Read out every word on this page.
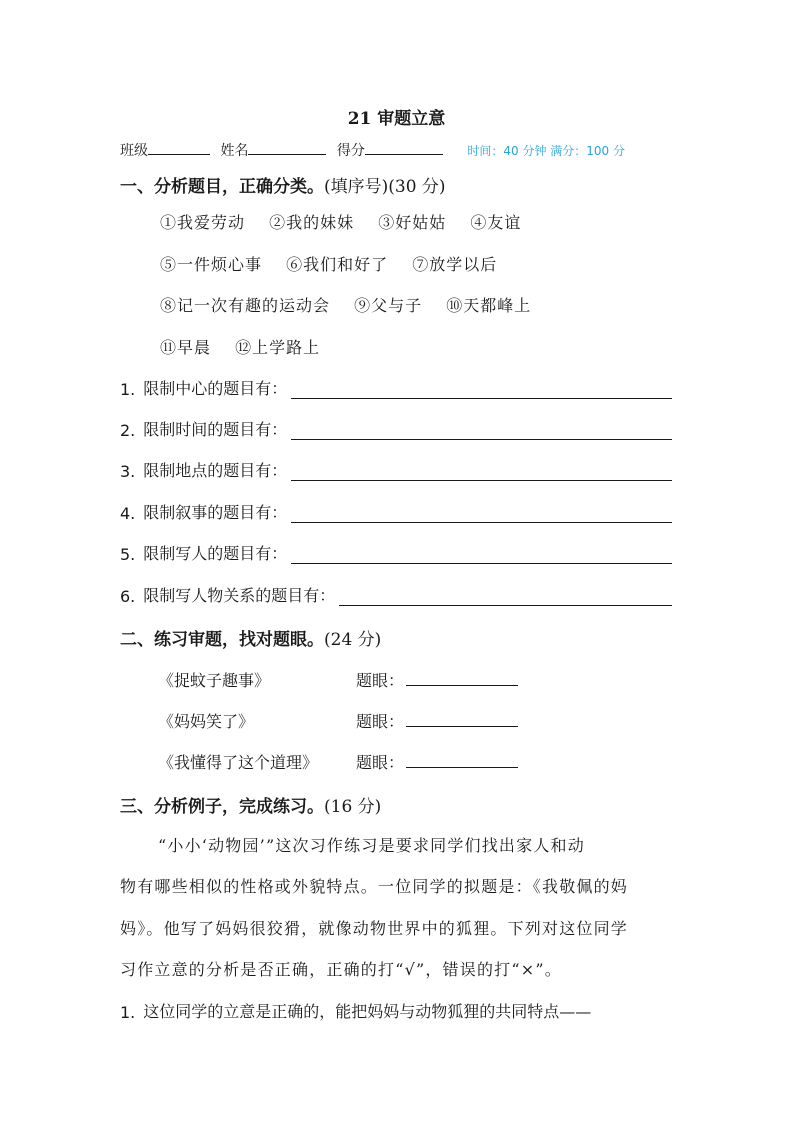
21 审题立意
班级	姓名	得分	时间：40 分钟 满分：100 分
一、分析题目，正确分类。(填序号)(30 分)
①我爱劳动 ②我的妹妹 ③好姑姑 ④友谊
⑤一件烦心事 ⑥我们和好了 ⑦放学以后
⑧记一次有趣的运动会 ⑨父与子 ⑩天都峰上
⑪早晨 ⑫上学路上
1. 限制中心的题目有：
2. 限制时间的题目有：
3. 限制地点的题目有：
4. 限制叙事的题目有：
5. 限制写人的题目有：
6. 限制写人物关系的题目有：
二、练习审题，找对题眼。(24 分)
《捉蚊子趣事》	题眼：
《妈妈笑了》	题眼：
《我懂得了这个道理》 题眼：
三、分析例子，完成练习。(16 分)
“小小‘动物园’”这次习作练习是要求同学们找出家人和动
物有哪些相似的性格或外貌特点。一位同学的拟题是：《我敬佩的妈
妈》。他写了妈妈很狡猾，就像动物世界中的狐狸。下列对这位同学
习作立意的分析是否正确，正确的打“√”，错误的打“×”。
1. 这位同学的立意是正确的，能把妈妈与动物狐狸的共同特点——
